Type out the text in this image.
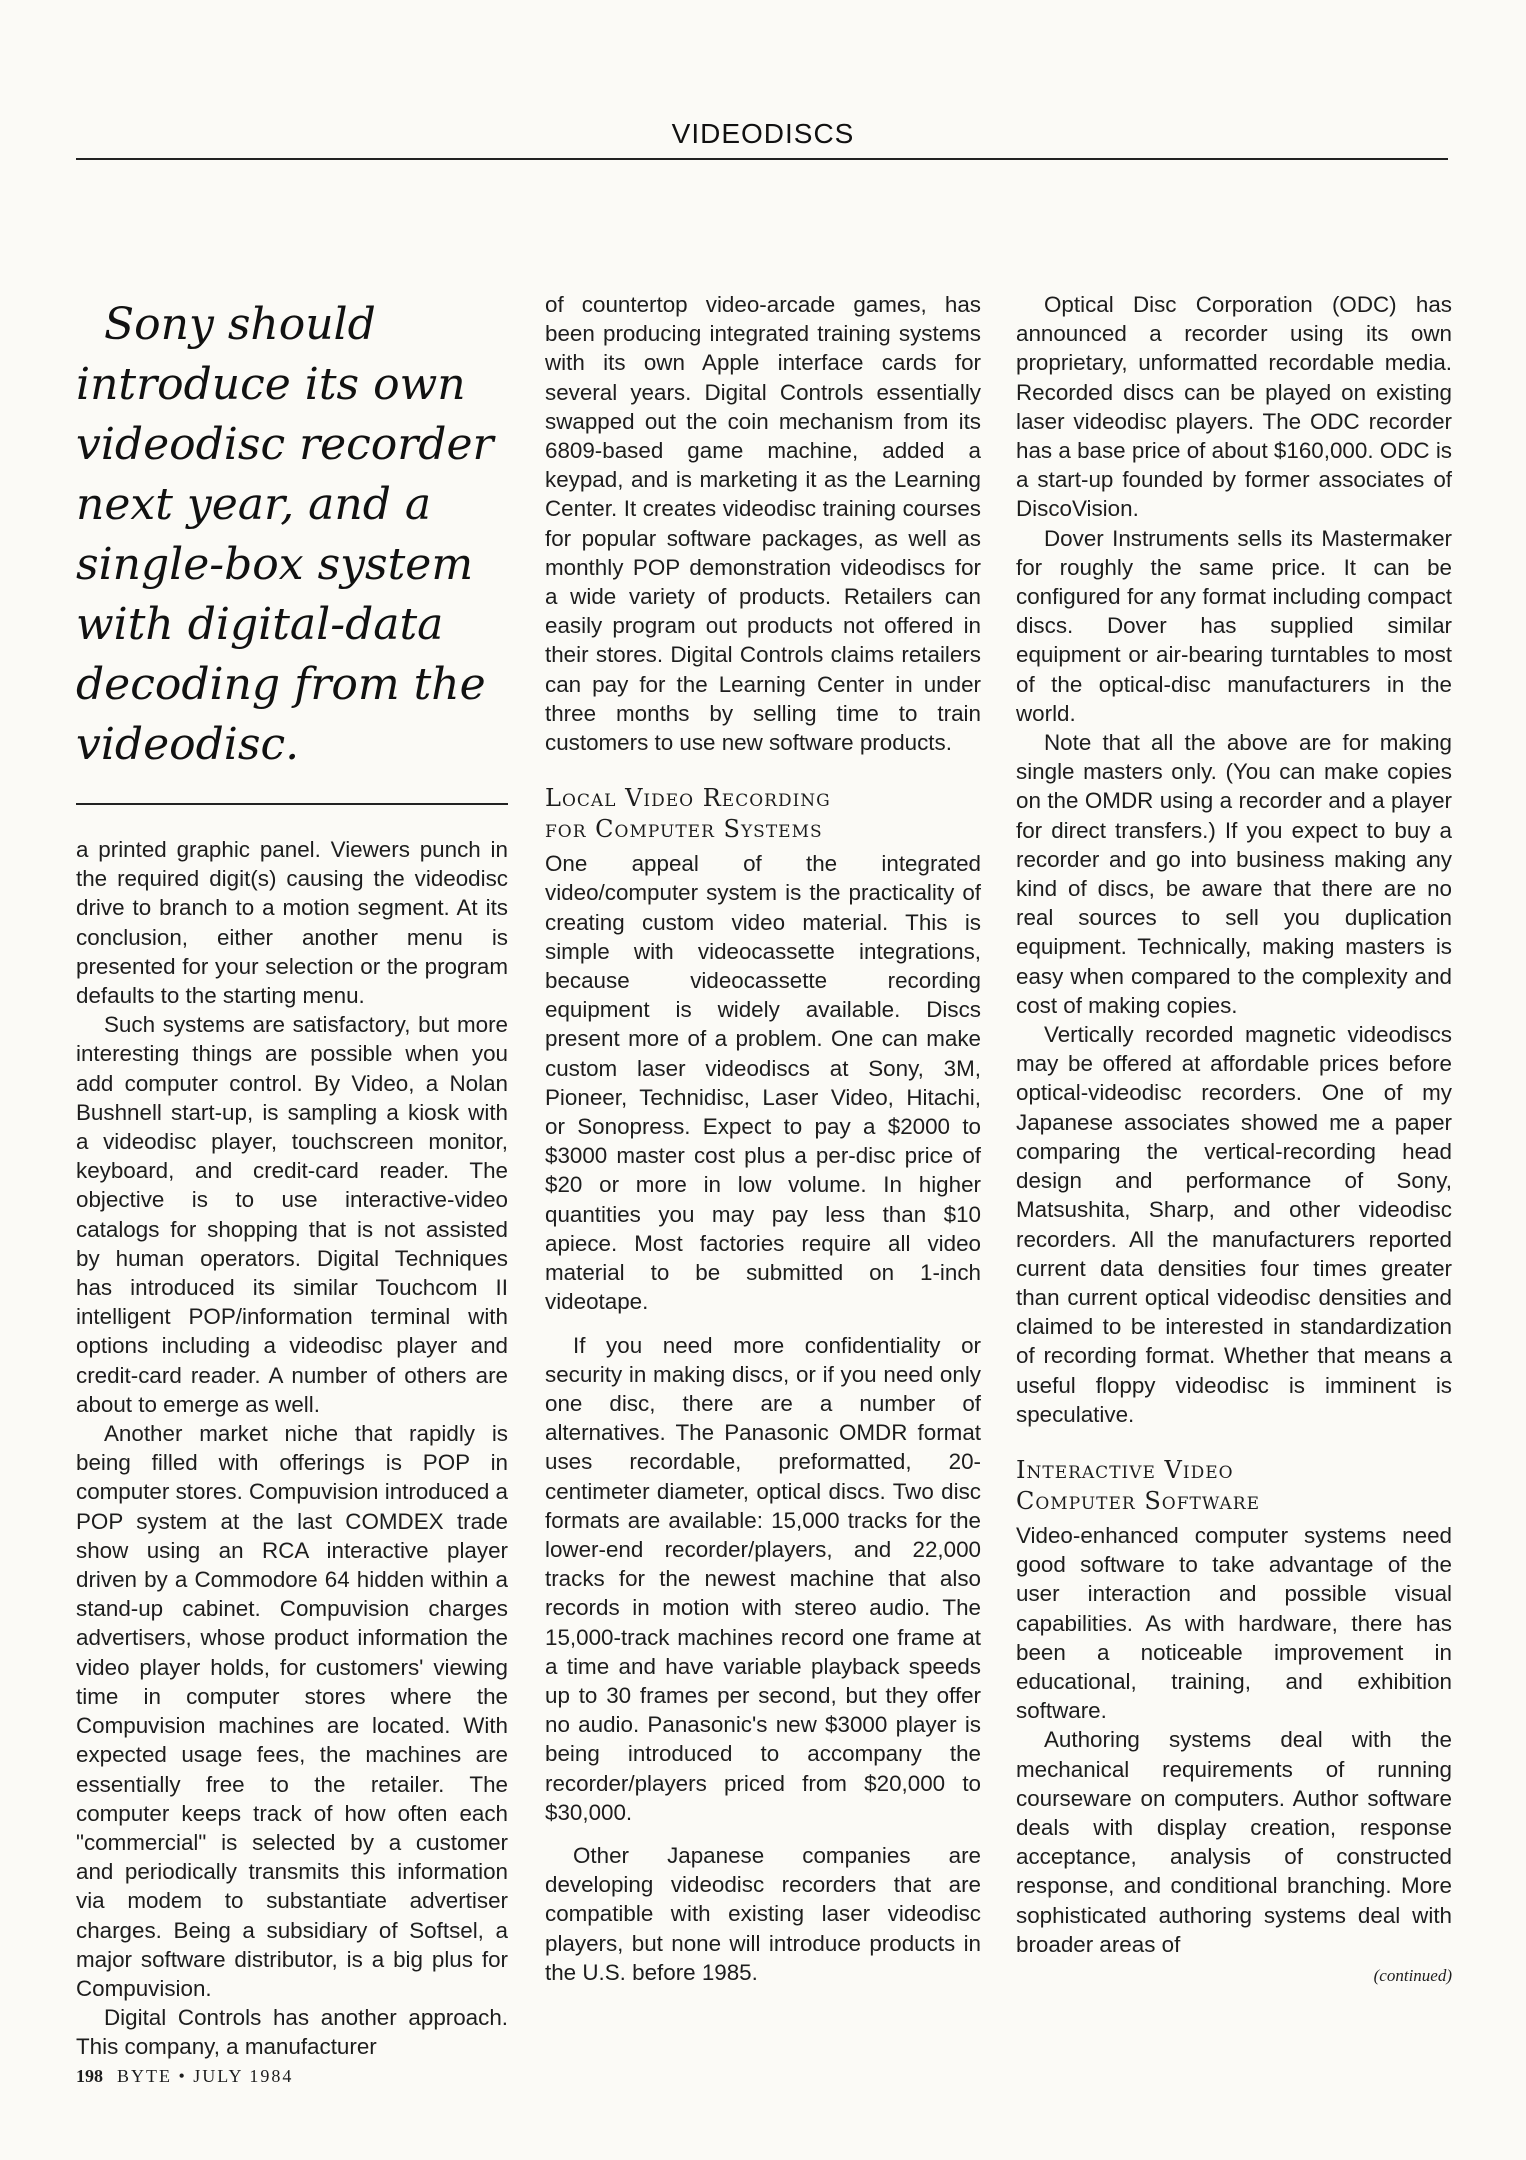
VIDEODISCS

Sony should introduce its own videodisc recorder next year, and a single-box system with digital-data decoding from the videodisc.

a printed graphic panel. Viewers punch in the required digit(s) causing the videodisc drive to branch to a motion segment. At its conclusion, either another menu is presented for your selection or the program defaults to the starting menu.

Such systems are satisfactory, but more interesting things are possible when you add computer control. By Video, a Nolan Bushnell start-up, is sampling a kiosk with a videodisc player, touchscreen monitor, keyboard, and credit-card reader. The objective is to use interactive-video catalogs for shopping that is not assisted by human operators. Digital Techniques has introduced its similar Touchcom II intelligent POP/information terminal with options including a videodisc player and credit-card reader. A number of others are about to emerge as well.

Another market niche that rapidly is being filled with offerings is POP in computer stores. Compuvision introduced a POP system at the last COMDEX trade show using an RCA interactive player driven by a Commodore 64 hidden within a stand-up cabinet. Compuvision charges advertisers, whose product information the video player holds, for customers' viewing time in computer stores where the Compuvision machines are located. With expected usage fees, the machines are essentially free to the retailer. The computer keeps track of how often each "commercial" is selected by a customer and periodically transmits this information via modem to substantiate advertiser charges. Being a subsidiary of Softsel, a major software distributor, is a big plus for Compuvision.

Digital Controls has another approach. This company, a manufacturer

of countertop video-arcade games, has been producing integrated training systems with its own Apple interface cards for several years. Digital Controls essentially swapped out the coin mechanism from its 6809-based game machine, added a keypad, and is marketing it as the Learning Center. It creates videodisc training courses for popular software packages, as well as monthly POP demonstration videodiscs for a wide variety of products. Retailers can easily program out products not offered in their stores. Digital Controls claims retailers can pay for the Learning Center in under three months by selling time to train customers to use new software products.

Local Video Recording
for Computer Systems

One appeal of the integrated video/computer system is the practicality of creating custom video material. This is simple with videocassette integrations, because videocassette recording equipment is widely available. Discs present more of a problem. One can make custom laser videodiscs at Sony, 3M, Pioneer, Technidisc, Laser Video, Hitachi, or Sonopress. Expect to pay a $2000 to $3000 master cost plus a per-disc price of $20 or more in low volume. In higher quantities you may pay less than $10 apiece. Most factories require all video material to be submitted on 1-inch videotape.

If you need more confidentiality or security in making discs, or if you need only one disc, there are a number of alternatives. The Panasonic OMDR format uses recordable, preformatted, 20-centimeter diameter, optical discs. Two disc formats are available: 15,000 tracks for the lower-end recorder/players, and 22,000 tracks for the newest machine that also records in motion with stereo audio. The 15,000-track machines record one frame at a time and have variable playback speeds up to 30 frames per second, but they offer no audio. Panasonic's new $3000 player is being introduced to accompany the recorder/players priced from $20,000 to $30,000.

Other Japanese companies are developing videodisc recorders that are compatible with existing laser videodisc players, but none will introduce products in the U.S. before 1985.

Optical Disc Corporation (ODC) has announced a recorder using its own proprietary, unformatted recordable media. Recorded discs can be played on existing laser videodisc players. The ODC recorder has a base price of about $160,000. ODC is a start-up founded by former associates of DiscoVision.

Dover Instruments sells its Mastermaker for roughly the same price. It can be configured for any format including compact discs. Dover has supplied similar equipment or air-bearing turntables to most of the optical-disc manufacturers in the world.

Note that all the above are for making single masters only. (You can make copies on the OMDR using a recorder and a player for direct transfers.) If you expect to buy a recorder and go into business making any kind of discs, be aware that there are no real sources to sell you duplication equipment. Technically, making masters is easy when compared to the complexity and cost of making copies.

Vertically recorded magnetic videodiscs may be offered at affordable prices before optical-videodisc recorders. One of my Japanese associates showed me a paper comparing the vertical-recording head design and performance of Sony, Matsushita, Sharp, and other videodisc recorders. All the manufacturers reported current data densities four times greater than current optical videodisc densities and claimed to be interested in standardization of recording format. Whether that means a useful floppy videodisc is imminent is speculative.

Interactive Video
Computer Software

Video-enhanced computer systems need good software to take advantage of the user interaction and possible visual capabilities. As with hardware, there has been a noticeable improvement in educational, training, and exhibition software.

Authoring systems deal with the mechanical requirements of running courseware on computers. Author software deals with display creation, response acceptance, analysis of constructed response, and conditional branching. More sophisticated authoring systems deal with broader areas of

(continued)
198 BYTE • JULY 1984
